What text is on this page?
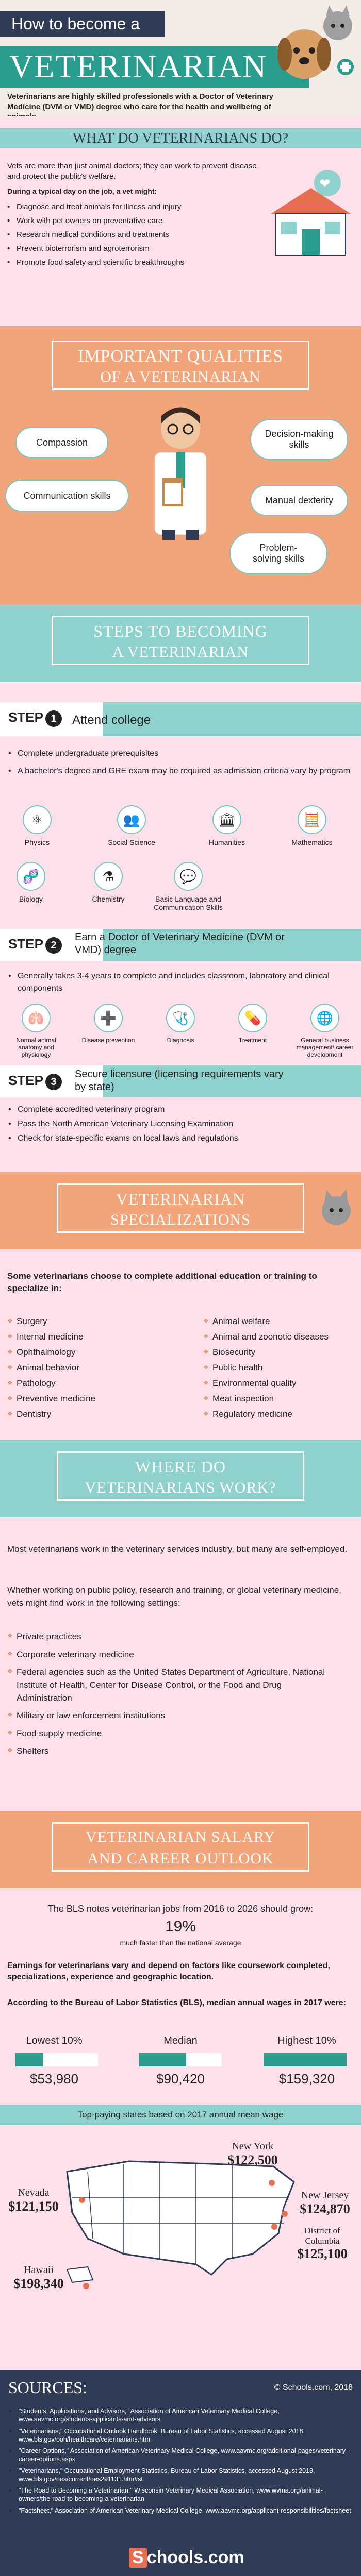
How to become a
VETERINARIAN
Veterinarians are highly skilled professionals with a Doctor of Veterinary Medicine (DVM or VMD) degree who care for the health and wellbeing of
WHAT DO VETERINARIANS DO?
Vets are more than just animal doctors; they can work to prevent disease and protect the public's welfare.
During a typical day on the job, a vet might:
• Diagnose and treat animals for illness and injury
• Work with pet owners on preventative care
• Research medical conditions and treatments
• Prevent bioterrorism and agroterrorism
• Promote food safety and scientific breakthroughs
❤
IMPORTANT QUALITIES
OF A VETERINARIAN
Compassion
Decision-making skills
Communication skills	Manual dexterity
Problem-solving skills
STEPS TO BECOMING
A VETERINARIAN
STEP 1	Attend college
• Complete undergraduate prerequisites
• A bachelor's degree and GRE exam may be required as admission criteria vary by program
⚛
Physics
👥
Social Science
🏛
Humanities
🧮
Mathematics
🧬
Biology
⚗
Chemistry
💬
Basic Language and Communication Skills
STEP 2
Earn a Doctor of Veterinary Medicine (DVM or VMD) degree
• Generally takes 3-4 years to complete and includes classroom, laboratory and clinical components
🫁
Normal animal anatomy and physiology
➕
Disease prevention
🩺
Diagnosis
💊
Treatment
🌐
General business management/ career development
STEP 3
Secure licensure (licensing requirements vary by state)
• Complete accredited veterinary program
• Pass the North American Veterinary Licensing Examination
• Check for state-specific exams on local laws and regulations
VETERINARIAN
SPECIALIZATIONS
Some veterinarians choose to complete additional education or training to specialize in:
❖ Surgery
❖ Internal medicine
❖ Ophthalmology
❖ Animal behavior
❖ Pathology
❖ Preventive medicine
❖ Dentistry
❖ Animal welfare
❖ Animal and zoonotic diseases
❖ Biosecurity
❖ Public health
❖ Environmental quality
❖ Meat inspection
❖ Regulatory medicine
WHERE DO
VETERINARIANS WORK?
Most veterinarians work in the veterinary services industry, but many are self-employed.
Whether working on public policy, research and training, or global veterinary medicine, vets might find work in the following settings:
❖ Private practices
❖ Corporate veterinary medicine
❖ Federal agencies such as the United States Department of Agriculture, National Institute of Health, Center for Disease Control, or the Food and Drug Administration
❖ Military or law enforcement institutions
❖ Food supply medicine
❖ Shelters
VETERINARIAN SALARY
AND CAREER OUTLOOK
The BLS notes veterinarian jobs from 2016 to 2026 should grow:
19%
much faster than the national average
Earnings for veterinarians vary and depend on factors like coursework completed, specializations, experience and geographic location.
According to the Bureau of Labor Statistics (BLS), median annual wages in 2017 were:
Lowest 10%
$53,980
Median
$90,420
Highest 10%
$159,320
Top-paying states based on 2017 annual mean wage
Nevada
$121,150
New York
$122,500
New Jersey
$124,870
District of Columbia
$125,100
Hawaii
$198,340
SOURCES:	© Schools.com, 2018
• "Students, Applications, and Advisors," Association of American Veterinary Medical College, www.aavmc.org/students-applicants-and-advisors
• "Veterinarians," Occupational Outlook Handbook, Bureau of Labor Statistics, accessed August 2018, www.bls.gov/ooh/healthcare/veterinarians.htm
• "Career Options," Association of American Veterinary Medical College, www.aavmc.org/additional-pages/veterinary-career-options.aspx
• "Veterinarians," Occupational Employment Statistics, Bureau of Labor Statistics, accessed August 2018, www.bls.gov/oes/current/oes291131.htm#st
• "The Road to Becoming a Veterinarian," Wisconsin Veterinary Medical Association, www.wvma.org/animal-owners/the-road-to-becoming-a-veterinarian
• "Factsheet," Association of American Veterinary Medical College, www.aavmc.org/applicant-responsibilities/factsheet
S chools.com
